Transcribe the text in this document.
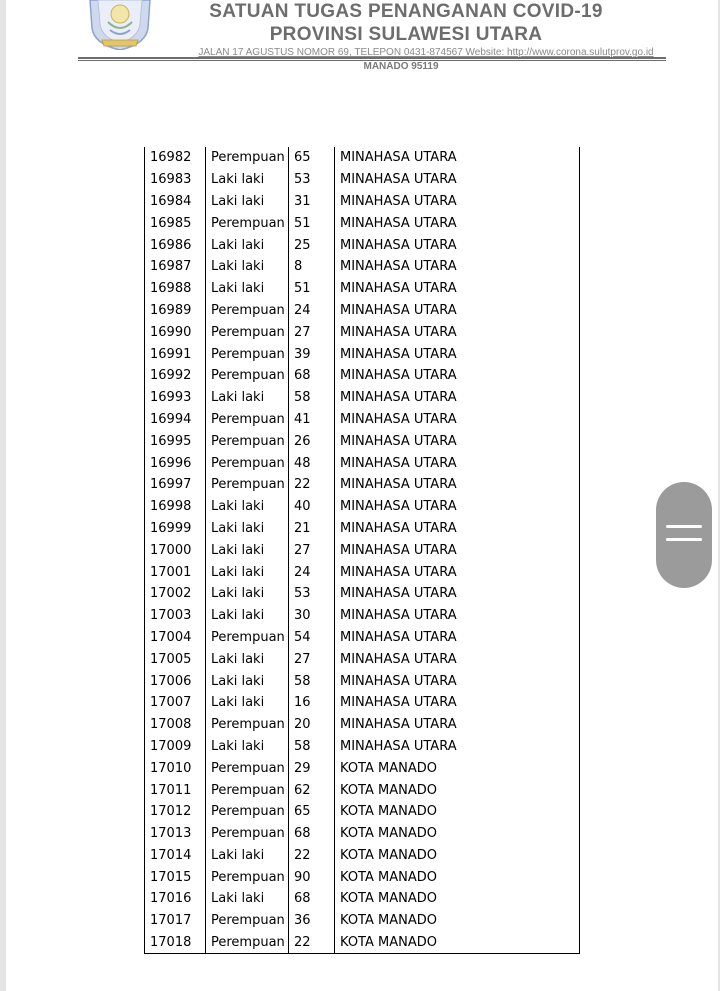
SATUAN TUGAS PENANGANAN COVID-19
PROVINSI SULAWESI UTARA
JALAN 17 AGUSTUS NOMOR 69, TELEPON 0431-874567 Website: http://www.corona.sulutprov.go.id
MANADO 95119
16982	Perempuan	65	MINAHASA UTARA
16983	Laki laki	53	MINAHASA UTARA
16984	Laki laki	31	MINAHASA UTARA
16985	Perempuan	51	MINAHASA UTARA
16986	Laki laki	25	MINAHASA UTARA
16987	Laki laki	8	MINAHASA UTARA
16988	Laki laki	51	MINAHASA UTARA
16989	Perempuan	24	MINAHASA UTARA
16990	Perempuan	27	MINAHASA UTARA
16991	Perempuan	39	MINAHASA UTARA
16992	Perempuan	68	MINAHASA UTARA
16993	Laki laki	58	MINAHASA UTARA
16994	Perempuan	41	MINAHASA UTARA
16995	Perempuan	26	MINAHASA UTARA
16996	Perempuan	48	MINAHASA UTARA
16997	Perempuan	22	MINAHASA UTARA
16998	Laki laki	40	MINAHASA UTARA
16999	Laki laki	21	MINAHASA UTARA
17000	Laki laki	27	MINAHASA UTARA
17001	Laki laki	24	MINAHASA UTARA
17002	Laki laki	53	MINAHASA UTARA
17003	Laki laki	30	MINAHASA UTARA
17004	Perempuan	54	MINAHASA UTARA
17005	Laki laki	27	MINAHASA UTARA
17006	Laki laki	58	MINAHASA UTARA
17007	Laki laki	16	MINAHASA UTARA
17008	Perempuan	20	MINAHASA UTARA
17009	Laki laki	58	MINAHASA UTARA
17010	Perempuan	29	KOTA MANADO
17011	Perempuan	62	KOTA MANADO
17012	Perempuan	65	KOTA MANADO
17013	Perempuan	68	KOTA MANADO
17014	Laki laki	22	KOTA MANADO
17015	Perempuan	90	KOTA MANADO
17016	Laki laki	68	KOTA MANADO
17017	Perempuan	36	KOTA MANADO
17018	Perempuan	22	KOTA MANADO
